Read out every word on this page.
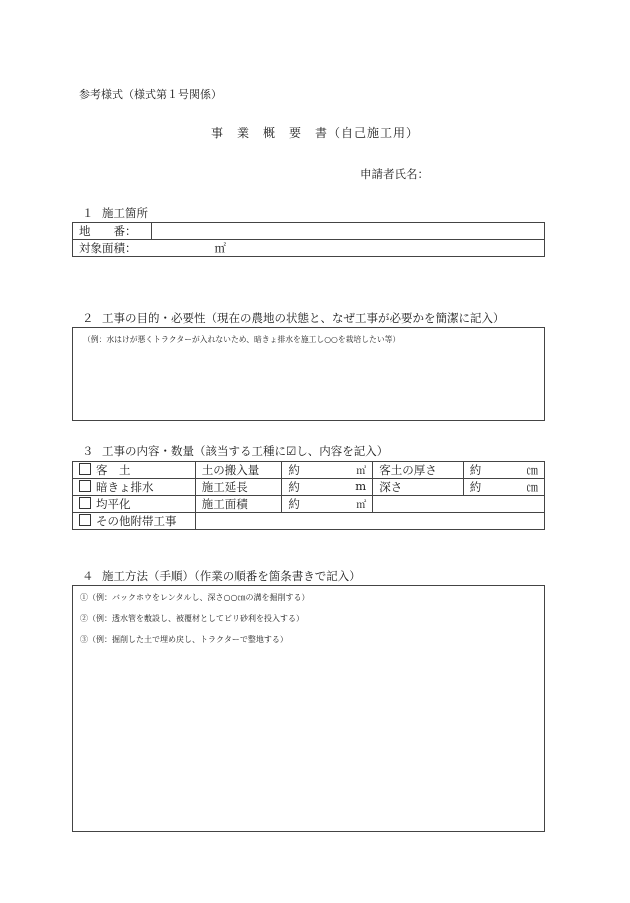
参考様式（様式第１号関係）
事　業　概　要　書（自己施工用）
申請者氏名：
１ 施工箇所
地　　番：	
対象面積：	㎡
２ 工事の目的・必要性（現在の農地の状態と、なぜ工事が必要かを簡潔に記入）
（例：水はけが悪くトラクターが入れないため、暗きょ排水を施工し○○を栽培したい等）
３ 工事の内容・数量（該当する工種に☑し、内容を記入）
客　土	土の搬入量	約 ㎥	客土の厚さ	約 ㎝

暗きょ排水	施工延長	約 m	深さ	約 ㎝

均平化	施工面積	約 ㎡		

その他附帯工事				
４ 施工方法（手順）（作業の順番を箇条書きで記入）
①（例：バックホウをレンタルし、深さ○○㎝の溝を掘削する）
②（例：透水管を敷設し、被覆材としてビリ砂利を投入する）
③（例：掘削した土で埋め戻し、トラクターで整地する）
